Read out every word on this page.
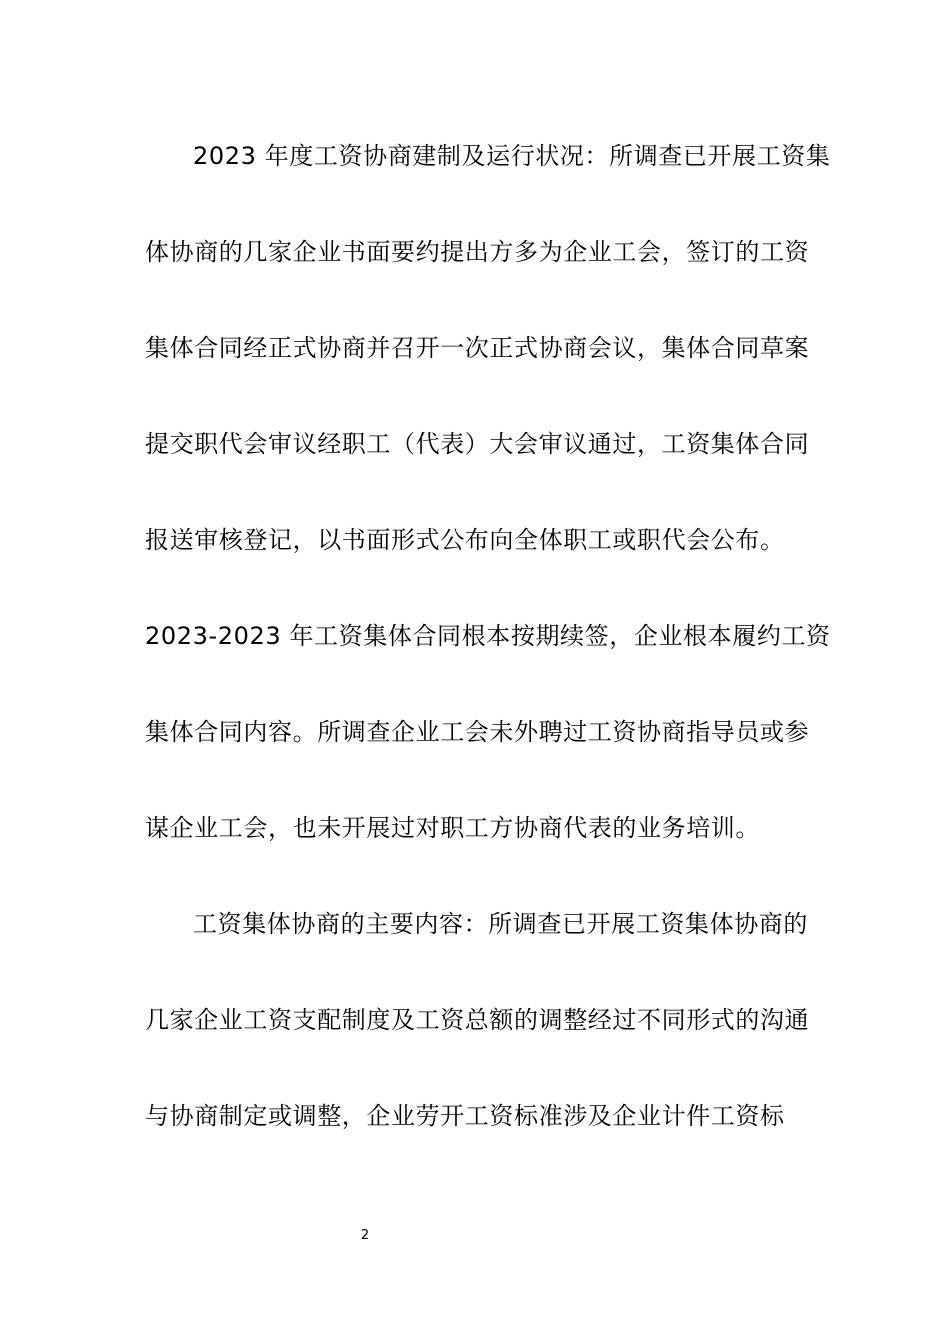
2023 年度工资协商建制及运行状况：所调查已开展工资集
体协商的几家企业书面要约提出方多为企业工会，签订的工资
集体合同经正式协商并召开一次正式协商会议，集体合同草案
提交职代会审议经职工（代表）大会审议通过，工资集体合同
报送审核登记，以书面形式公布向全体职工或职代会公布。
2023-2023 年工资集体合同根本按期续签，企业根本履约工资
集体合同内容。所调查企业工会未外聘过工资协商指导员或参
谋企业工会，也未开展过对职工方协商代表的业务培训。
工资集体协商的主要内容：所调查已开展工资集体协商的
几家企业工资支配制度及工资总额的调整经过不同形式的沟通
与协商制定或调整，企业劳开工资标准涉及企业计件工资标
2
